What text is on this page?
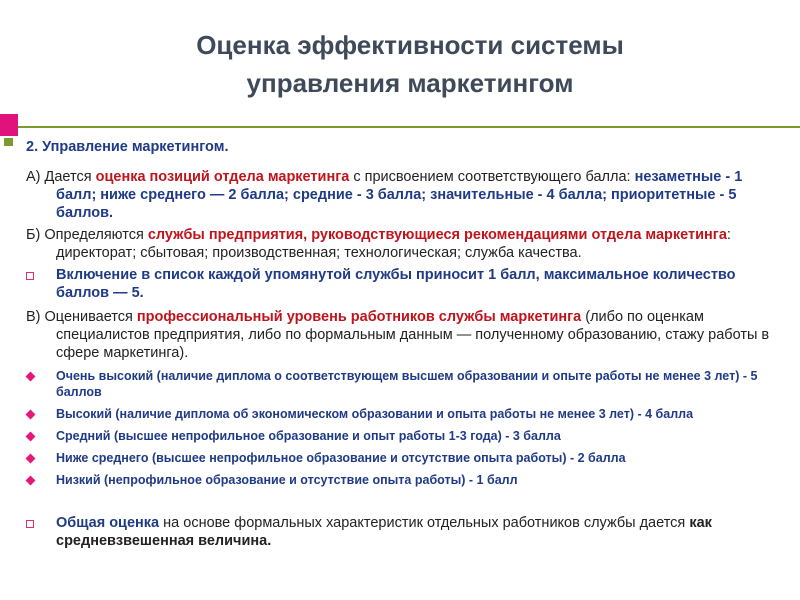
Оценка эффективности системы
управления маркетингом

2. Управление маркетингом.

А) Дается оценка позиций отдела маркетинга с присвоением соответствующего балла: незаметные - 1 балл; ниже среднего — 2 балла; средние - 3 балла; значительные - 4 балла; приоритетные - 5 баллов.

Б) Определяются службы предприятия, руководствующиеся рекомендациями отдела маркетинга: директорат; сбытовая; производственная; технологическая; служба качества.

Включение в список каждой упомянутой службы приносит 1 балл, максимальное количество баллов — 5.

В) Оценивается профессиональный уровень работников службы маркетинга (либо по оценкам специалистов предприятия, либо по формальным данным — полученному образованию, стажу работы в сфере маркетинга).

Очень высокий (наличие диплома о соответствующем высшем образовании и опыте работы не менее 3 лет) - 5 баллов
Высокий (наличие диплома об экономическом образовании и опыта работы не менее 3 лет) - 4 балла
Средний (высшее непрофильное образование и опыт работы 1-3 года) - 3 балла
Ниже среднего (высшее непрофильное образование и отсутствие опыта работы) - 2 балла
Низкий (непрофильное образование и отсутствие опыта работы) - 1 балл
Общая оценка на основе формальных характеристик отдельных работников службы дается как средневзвешенная величина.
